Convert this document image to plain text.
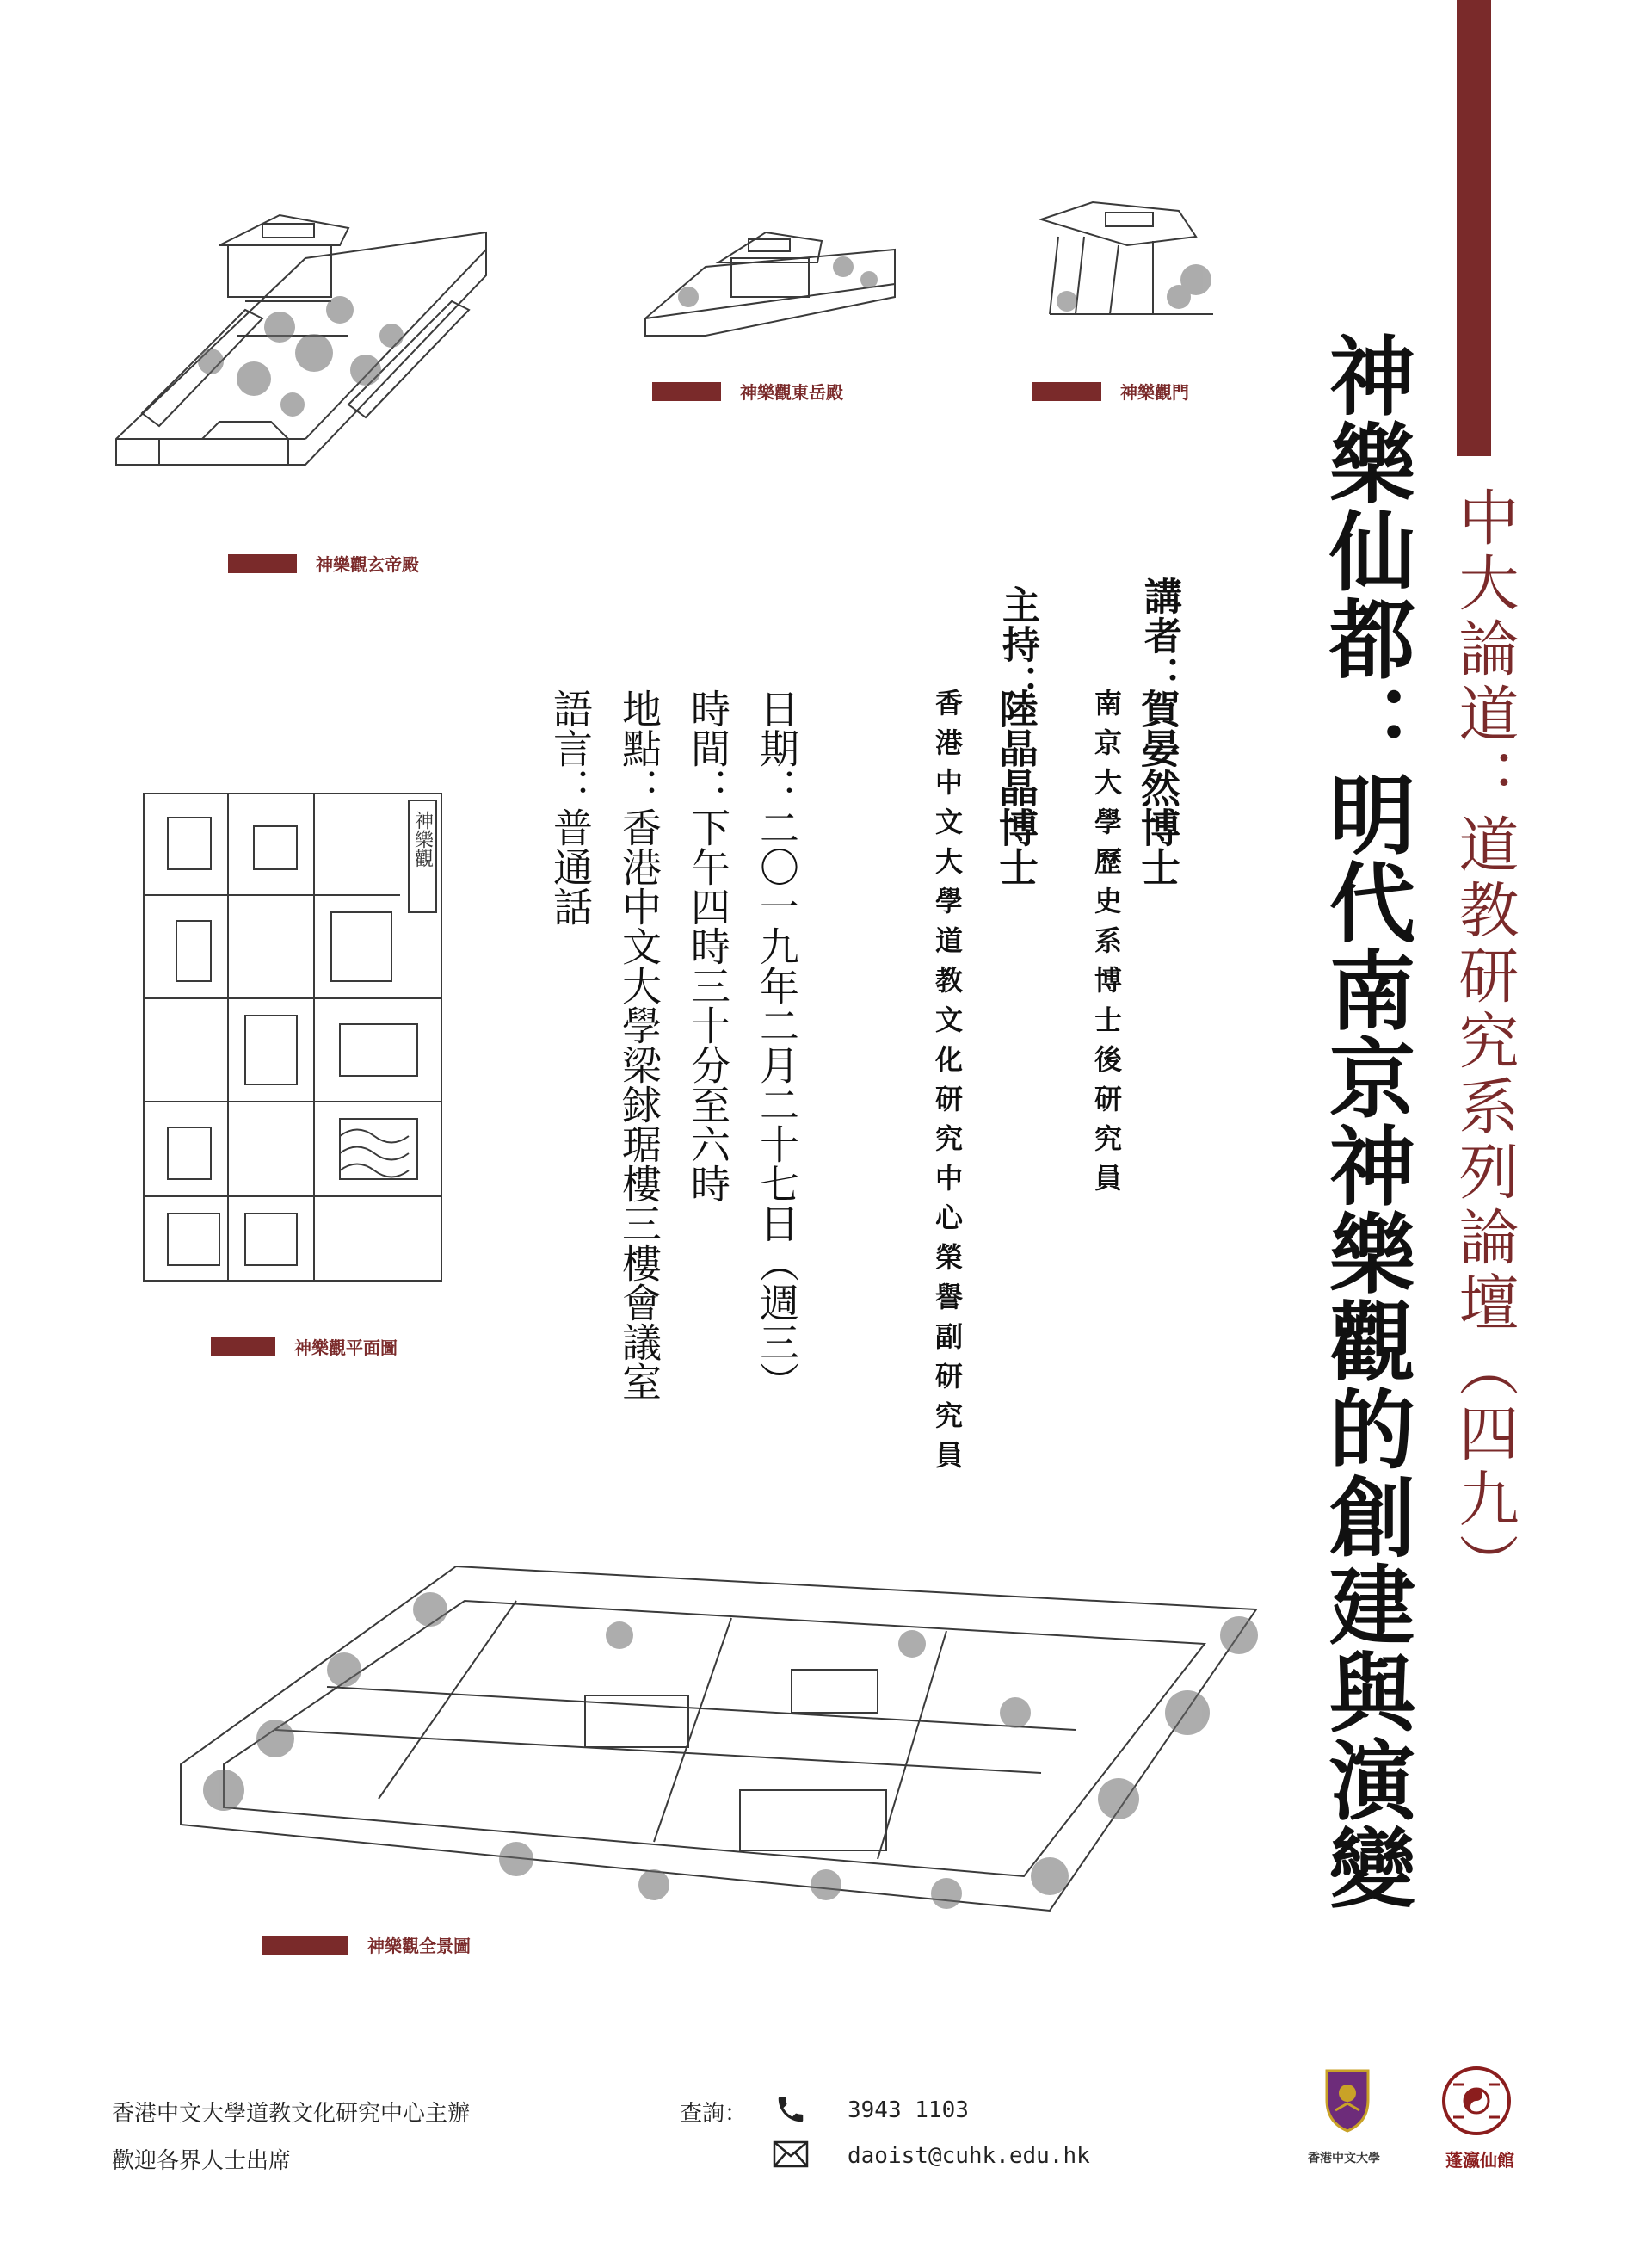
神樂觀
神樂觀玄帝殿
神樂觀東岳殿	神樂觀門
神樂觀平面圖
神樂觀全景圖
中大論道：道教研究系列論壇（四九）
神樂仙都：明代南京神樂觀的創建與演變
講者：
賀晏然博士
南京大學歷史系博士後研究員
主持：
陸晶晶博士
香港中文大學道教文化研究中心榮譽副研究員
日期：二〇一九年二月二十七日（週三）
時間：下午四時三十分至六時
地點：香港中文大學梁銶琚樓三樓會議室
語言：普通話
香港中文大學道教文化研究中心主辦
歡迎各界人士出席
查詢：	3943 1103
daoist@cuhk.edu.hk	香港中文大學	蓬瀛仙館
